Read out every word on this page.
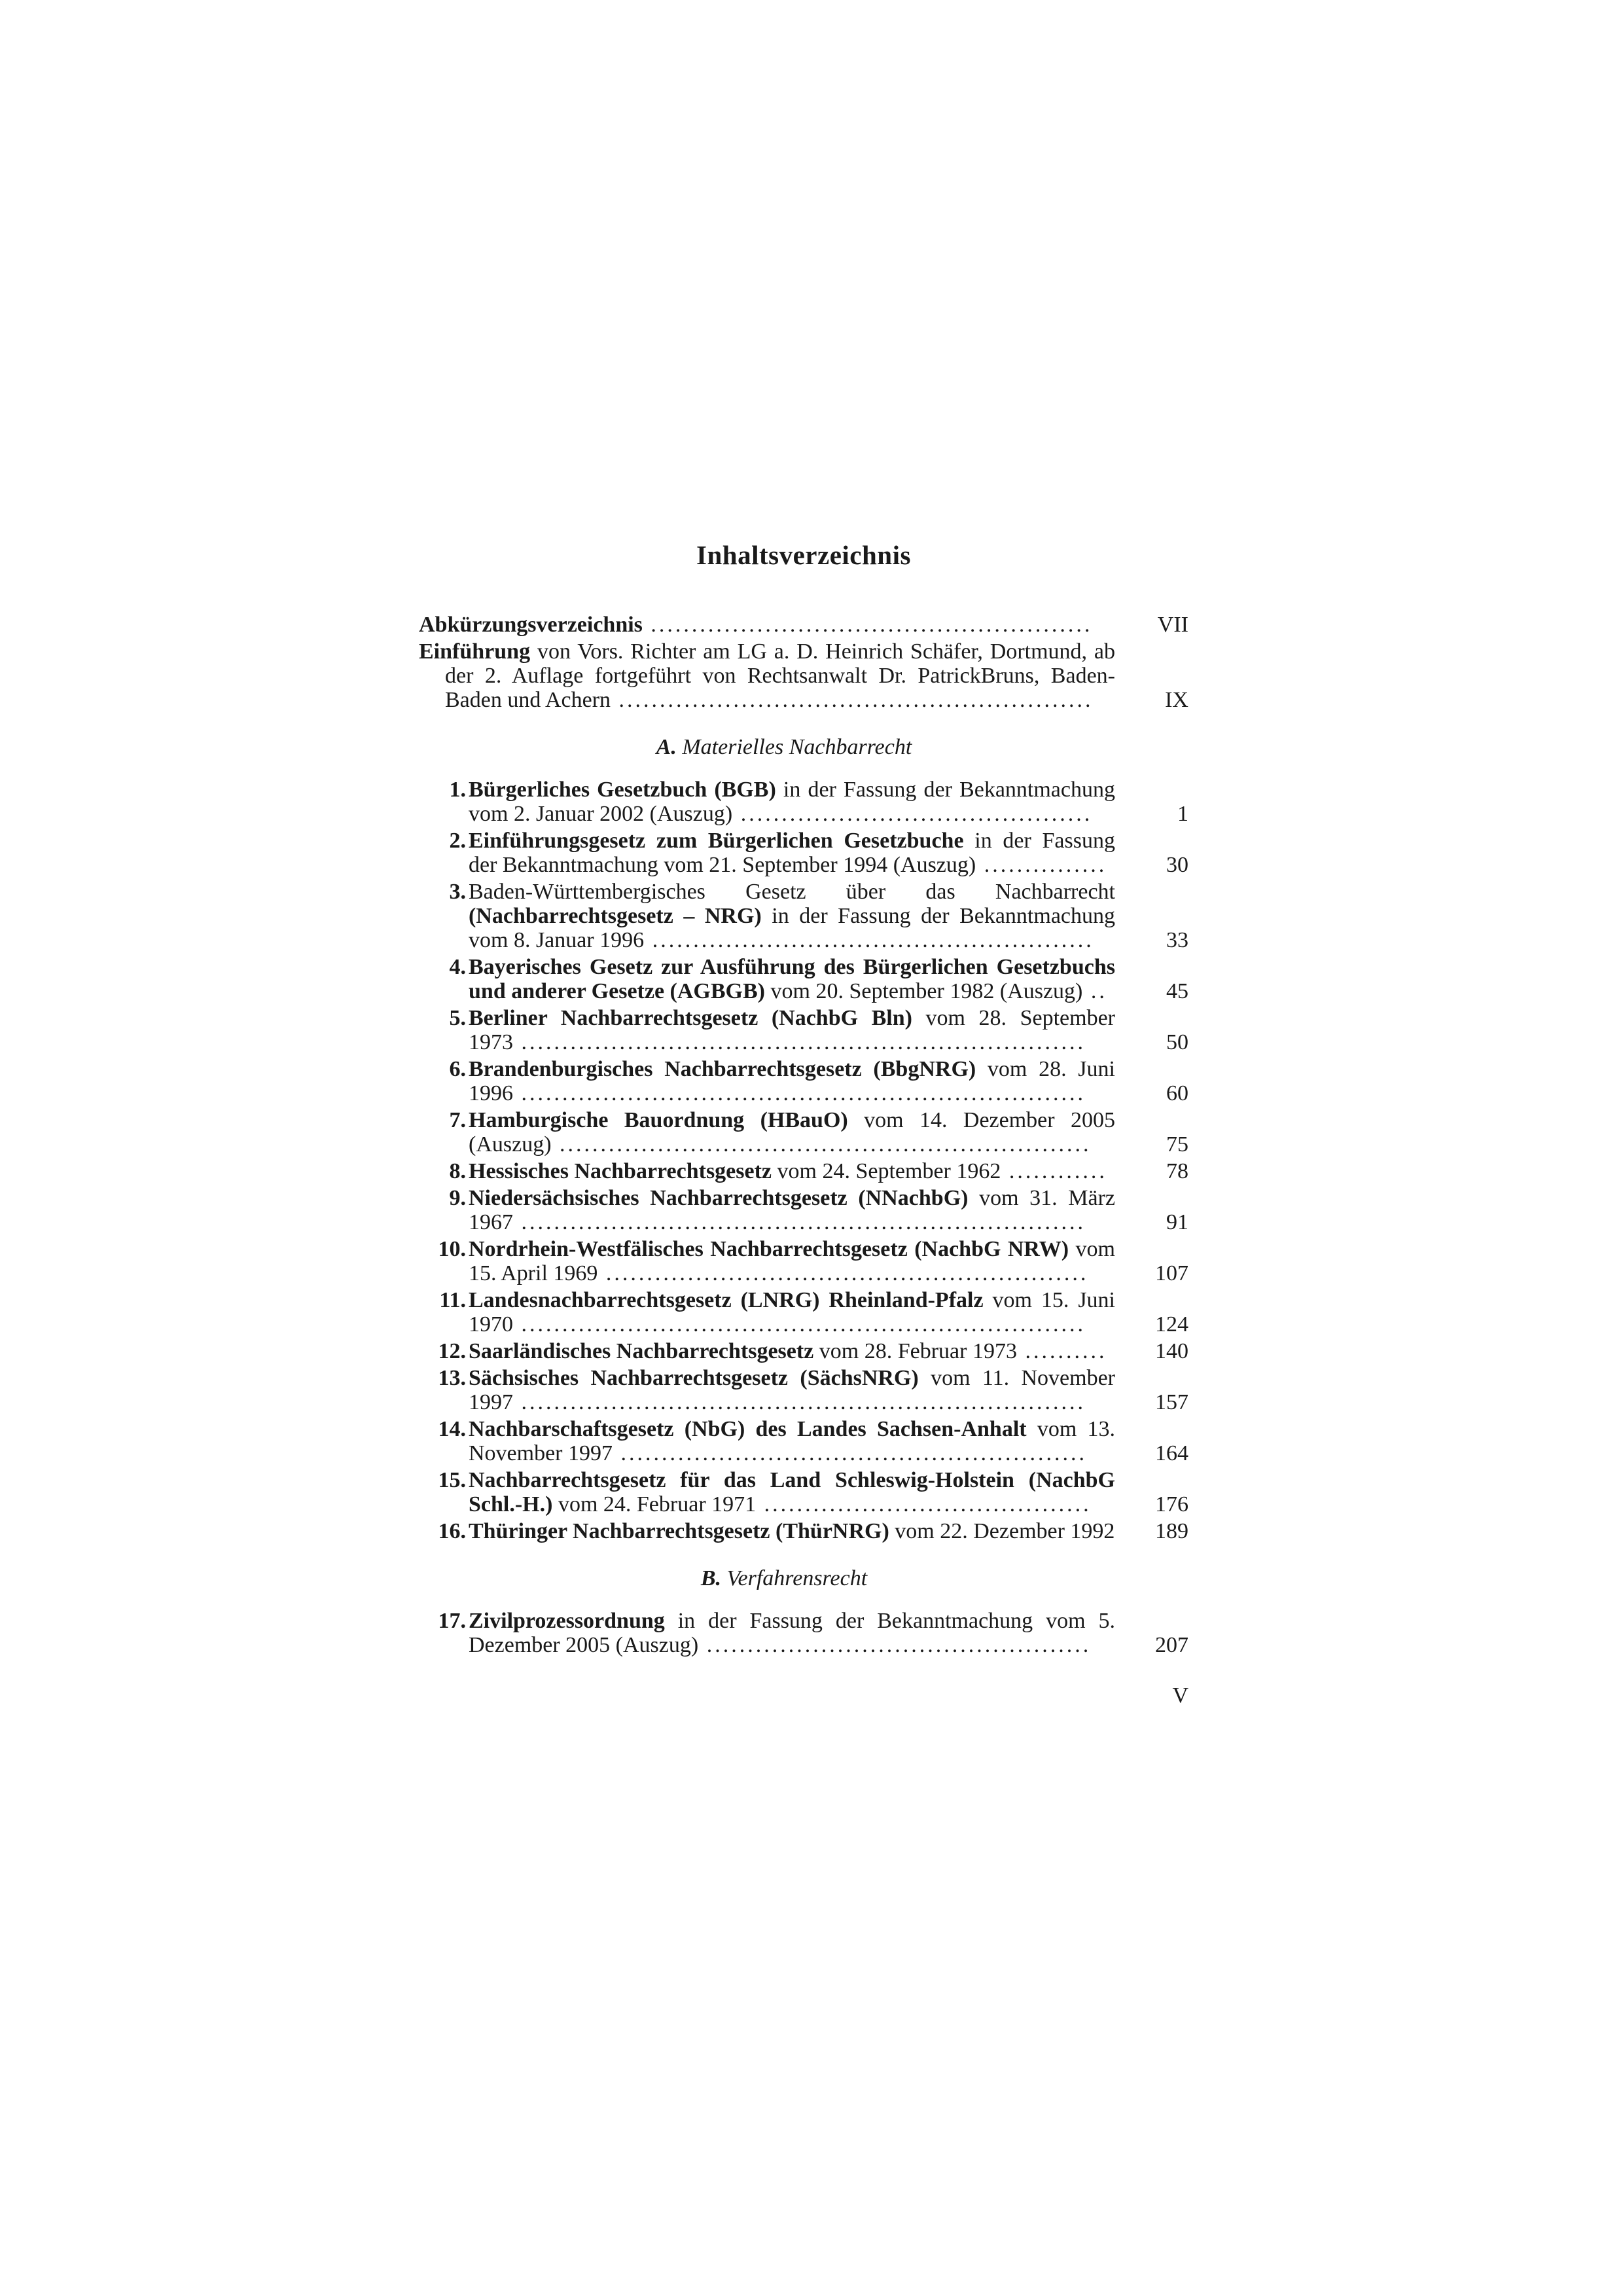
Inhaltsverzeichnis
Abkürzungsverzeichnis ......................................................	VII
Einführung von Vors. Richter am LG a. D. Heinrich Schäfer, Dortmund, ab der 2. Auflage fortgeführt von Rechtsanwalt Dr. PatrickBruns, Baden-Baden und Achern ..........................................................	IX
A. Materielles Nachbarrecht
1. Bürgerliches Gesetzbuch (BGB) in der Fassung der Bekanntmachung vom 2. Januar 2002 (Auszug) ...........................................	1
2. Einführungsgesetz zum Bürgerlichen Gesetzbuche in der Fassung der Bekanntmachung vom 21. September 1994 (Auszug) ...............	30
3. Baden-Württembergisches Gesetz über das Nachbarrecht (Nachbarrechtsgesetz – NRG) in der Fassung der Bekanntmachung vom 8. Januar 1996 ......................................................	33
4. Bayerisches Gesetz zur Ausführung des Bürgerlichen Gesetzbuchs und anderer Gesetze (AGBGB) vom 20. September 1982 (Auszug) ..	45
5. Berliner Nachbarrechtsgesetz (NachbG Bln) vom 28. September 1973 .....................................................................	50
6. Brandenburgisches Nachbarrechtsgesetz (BbgNRG) vom 28. Juni 1996 .....................................................................	60
7. Hamburgische Bauordnung (HBauO) vom 14. Dezember 2005 (Auszug) .................................................................	75
8. Hessisches Nachbarrechtsgesetz vom 24. September 1962 ............	78
9. Niedersächsisches Nachbarrechtsgesetz (NNachbG) vom 31. März 1967 .....................................................................	91
10. Nordrhein-Westfälisches Nachbarrechtsgesetz (NachbG NRW) vom 15. April 1969 ...........................................................	107
11. Landesnachbarrechtsgesetz (LNRG) Rheinland-Pfalz vom 15. Juni 1970 .....................................................................	124
12. Saarländisches Nachbarrechtsgesetz vom 28. Februar 1973 ..........	140
13. Sächsisches Nachbarrechtsgesetz (SächsNRG) vom 11. November 1997 .....................................................................	157
14. Nachbarschaftsgesetz (NbG) des Landes Sachsen-Anhalt vom 13. November 1997 .........................................................	164
15. Nachbarrechtsgesetz für das Land Schleswig-Holstein (NachbG Schl.-H.) vom 24. Februar 1971 ........................................	176
16. Thüringer Nachbarrechtsgesetz (ThürNRG) vom 22. Dezember 1992	189
B. Verfahrensrecht
17. Zivilprozessordnung in der Fassung der Bekanntmachung vom 5. Dezember 2005 (Auszug) ...............................................	207
V
